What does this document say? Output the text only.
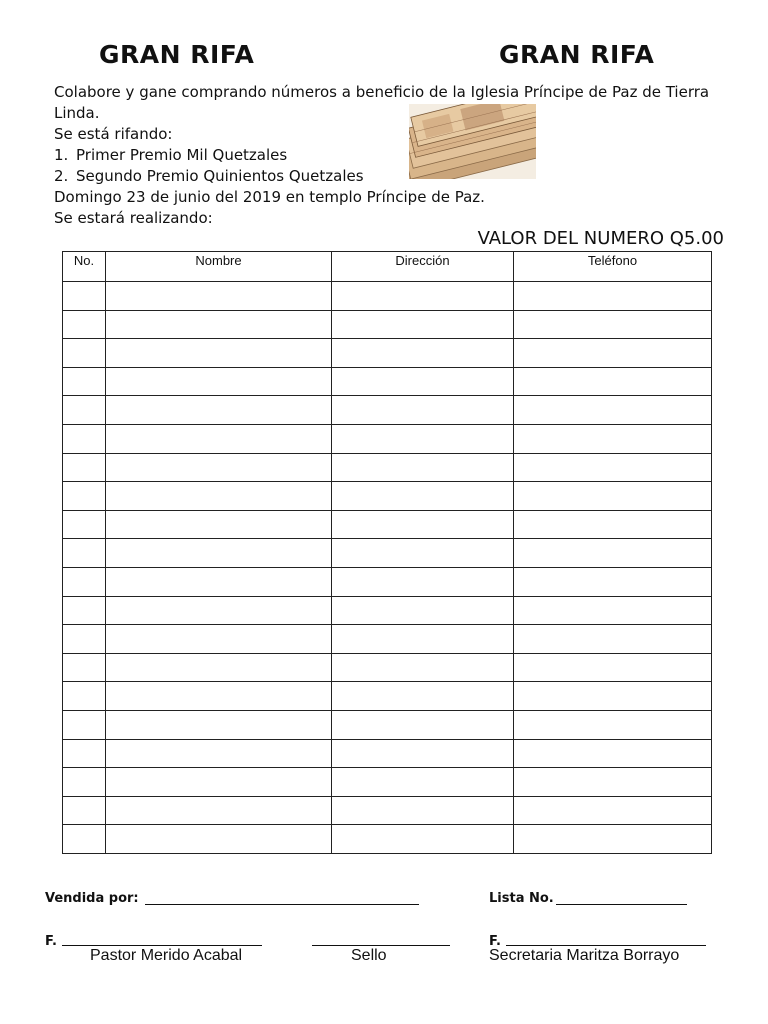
GRAN RIFA	GRAN RIFA
Colabore y gane comprando números a beneficio de la Iglesia Príncipe de Paz de Tierra Linda.
Se está rifando:
1. Primer Premio Mil Quetzales
2. Segundo Premio Quinientos Quetzales
Domingo 23 de junio del 2019 en templo Príncipe de Paz.
Se estará realizando:
VALOR DEL NUMERO Q5.00
No.	Nombre	Dirección	Teléfono

Vendida por:	Lista No.
F.
Pastor Merido Acabal	Sello
F.
Secretaria Maritza Borrayo
